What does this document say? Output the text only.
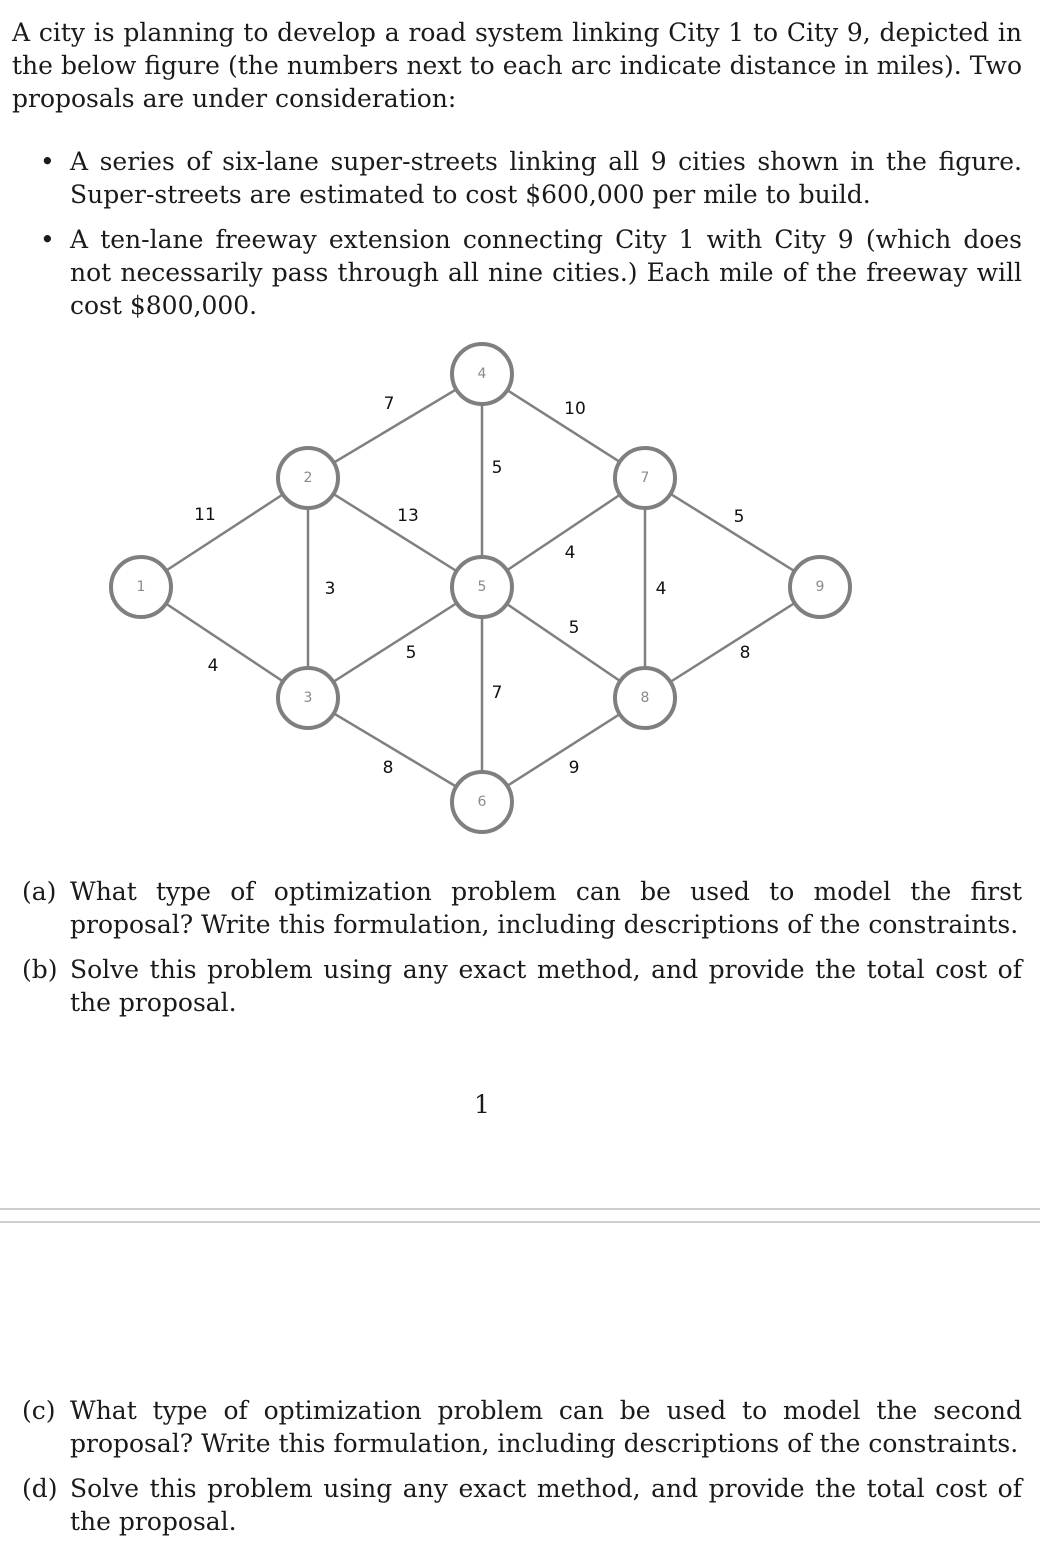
A city is planning to develop a road system linking City 1 to City 9, depicted in the below figure (the numbers next to each arc indicate distance in miles). Two proposals are under consideration:

• A series of six-lane super-streets linking all 9 cities shown in the figure. Super-streets are estimated to cost $600,000 per mile to build.
• A ten-lane freeway extension connecting City 1 with City 9 (which does not necessarily pass through all nine cities.) Each mile of the freeway will cost $800,000.
11
4
3
7
13
5
8
5
10
7
4
5
9
4
5
8
1
2
3
4
5
6
7
8
9
(a) What type of optimization problem can be used to model the first proposal? Write this formulation, including descriptions of the constraints.
(b) Solve this problem using any exact method, and provide the total cost of the proposal.
1
(c) What type of optimization problem can be used to model the second proposal? Write this formulation, including descriptions of the constraints.
(d) Solve this problem using any exact method, and provide the total cost of the proposal.
